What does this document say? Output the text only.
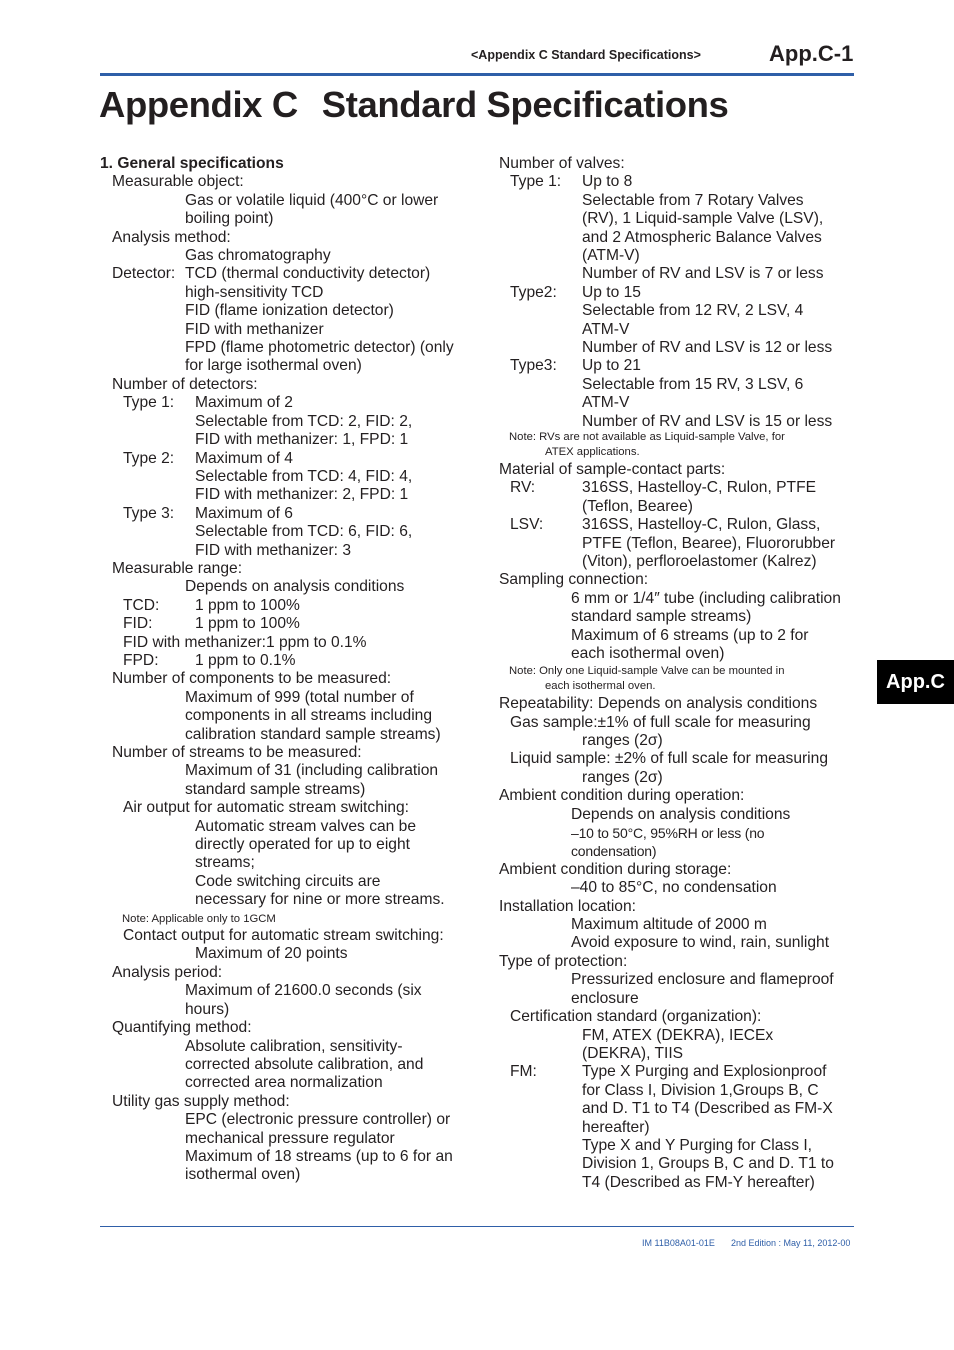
<Appendix C Standard Specifications>	App.C-1
Appendix C Standard Specifications
1. General specifications
Measurable object:
Gas or volatile liquid (400°C or lower
boiling point)
Analysis method:
Gas chromatography
Detector: TCD (thermal conductivity detector)
high-sensitivity TCD
FID (flame ionization detector)
FID with methanizer
FPD (flame photometric detector) (only
for large isothermal oven)
Number of detectors:
Type 1: Maximum of 2
Selectable from TCD: 2, FID: 2,
FID with methanizer: 1, FPD: 1
Type 2: Maximum of 4
Selectable from TCD: 4, FID: 4,
FID with methanizer: 2, FPD: 1
Type 3: Maximum of 6
Selectable from TCD: 6, FID: 6,
FID with methanizer: 3
Measurable range:
Depends on analysis conditions
TCD: 1 ppm to 100%
FID:	1 ppm to 100%
FID with methanizer:1 ppm to 0.1%
FPD: 1 ppm to 0.1%
Number of components to be measured:
Maximum of 999 (total number of
components in all streams including
calibration standard sample streams)
Number of streams to be measured:
Maximum of 31 (including calibration
standard sample streams)
Air output for automatic stream switching:
Automatic stream valves can be
directly operated for up to eight
streams;
Code switching circuits are
necessary for nine or more streams.
Note: Applicable only to 1GCM
Contact output for automatic stream switching:
Maximum of 20 points
Analysis period:
Maximum of 21600.0 seconds (six
hours)
Quantifying method:
Absolute calibration, sensitivity-
corrected absolute calibration, and
corrected area normalization
Utility gas supply method:
EPC (electronic pressure controller) or
mechanical pressure regulator
Maximum of 18 streams (up to 6 for an
isothermal oven)
Number of valves:
Type 1: Up to 8
Selectable from 7 Rotary Valves
(RV), 1 Liquid-sample Valve (LSV),
and 2 Atmospheric Balance Valves
(ATM-V)
Number of RV and LSV is 7 or less
Type2: Up to 15
Selectable from 12 RV, 2 LSV, 4
ATM-V
Number of RV and LSV is 12 or less
Type3: Up to 21
Selectable from 15 RV, 3 LSV, 6
ATM-V
Number of RV and LSV is 15 or less
Note: RVs are not available as Liquid-sample Valve, for
ATEX applications.
Material of sample-contact parts:
RV:	316SS, Hastelloy-C, Rulon, PTFE
(Teflon, Bearee)
LSV: 316SS, Hastelloy-C, Rulon, Glass,
PTFE (Teflon, Bearee), Fluororubber
(Viton), perfloroelastomer (Kalrez)
Sampling connection:
6 mm or 1/4″ tube (including calibration
standard sample streams)
Maximum of 6 streams (up to 2 for
each isothermal oven)
Note: Only one Liquid-sample Valve can be mounted in
each isothermal oven.
Repeatability: Depends on analysis conditions
Gas sample:±1% of full scale for measuring
ranges (2σ)
Liquid sample: ±2% of full scale for measuring
ranges (2σ)
Ambient condition during operation:
Depends on analysis conditions
–10 to 50°C, 95%RH or less (no
condensation)
Ambient condition during storage:
–40 to 85°C, no condensation
Installation location:
Maximum altitude of 2000 m
Avoid exposure to wind, rain, sunlight
Type of protection:
Pressurized enclosure and flameproof
enclosure
Certification standard (organization):
FM, ATEX (DEKRA), IECEx
(DEKRA), TIIS
FM:	Type X Purging and Explosionproof
for Class I, Division 1,Groups B, C
and D. T1 to T4 (Described as FM-X
hereafter)
Type X and Y Purging for Class I,
Division 1, Groups B, C and D. T1 to
T4 (Described as FM-Y hereafter)
App.C
IM 11B08A01-01E 2nd Edition : May 11, 2012-00
